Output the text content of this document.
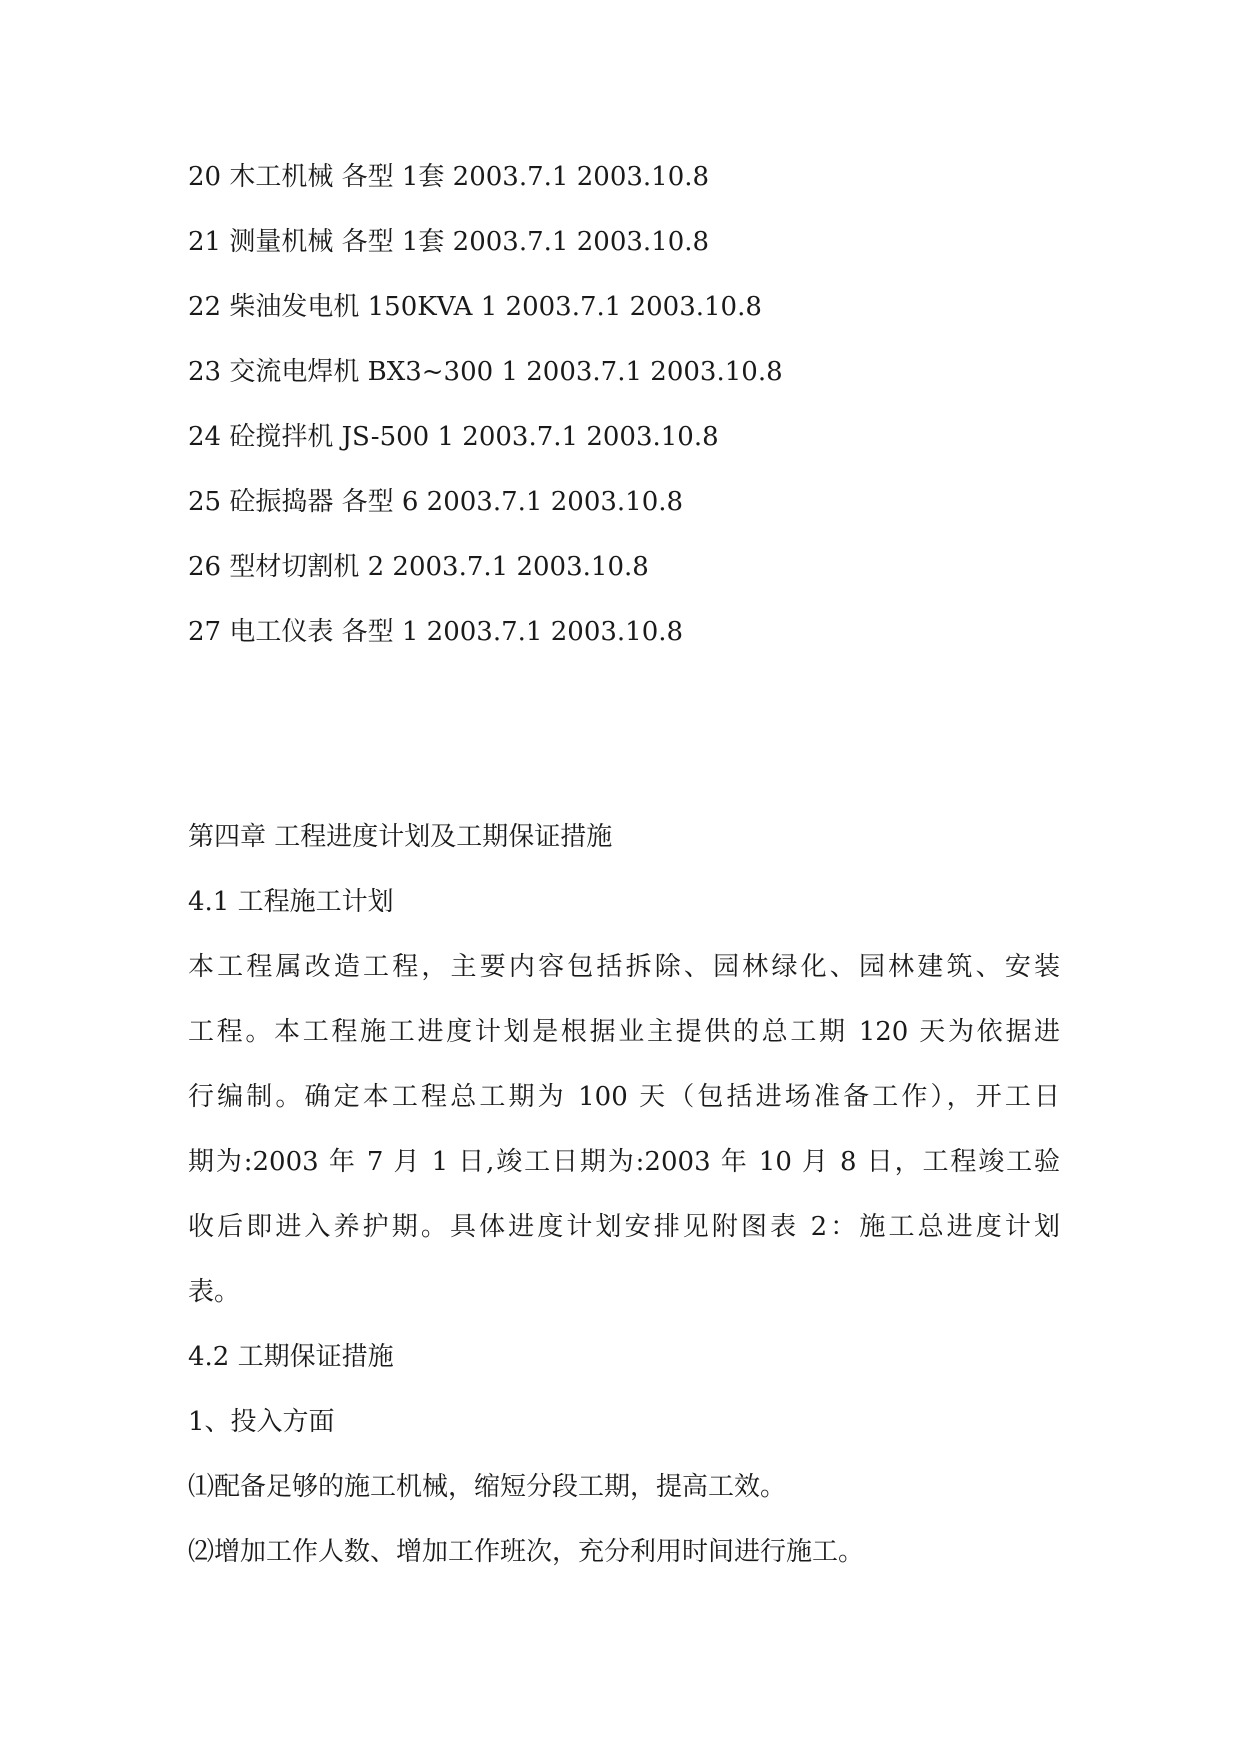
20 木工机械 各型 1套 2003.7.1 2003.10.8
21 测量机械 各型 1套 2003.7.1 2003.10.8
22 柴油发电机 150KVA 1 2003.7.1 2003.10.8
23 交流电焊机 BX3~300 1 2003.7.1 2003.10.8
24 砼搅拌机 JS-500 1 2003.7.1 2003.10.8
25 砼振捣器 各型 6 2003.7.1 2003.10.8
26 型材切割机 2 2003.7.1 2003.10.8
27 电工仪表 各型 1 2003.7.1 2003.10.8
第四章 工程进度计划及工期保证措施
4.1 工程施工计划
本工程属改造工程，主要内容包括拆除、园林绿化、园林建筑、安装
工程。本工程施工进度计划是根据业主提供的总工期 120 天为依据进
行编制。确定本工程总工期为 100 天（包括进场准备工作），开工日
期为:2003 年 7 月 1 日,竣工日期为:2003 年 10 月 8 日，工程竣工验
收后即进入养护期。具体进度计划安排见附图表 2：施工总进度计划
表。
4.2 工期保证措施
1、投入方面
⑴配备足够的施工机械，缩短分段工期，提高工效。
⑵增加工作人数、增加工作班次，充分利用时间进行施工。
